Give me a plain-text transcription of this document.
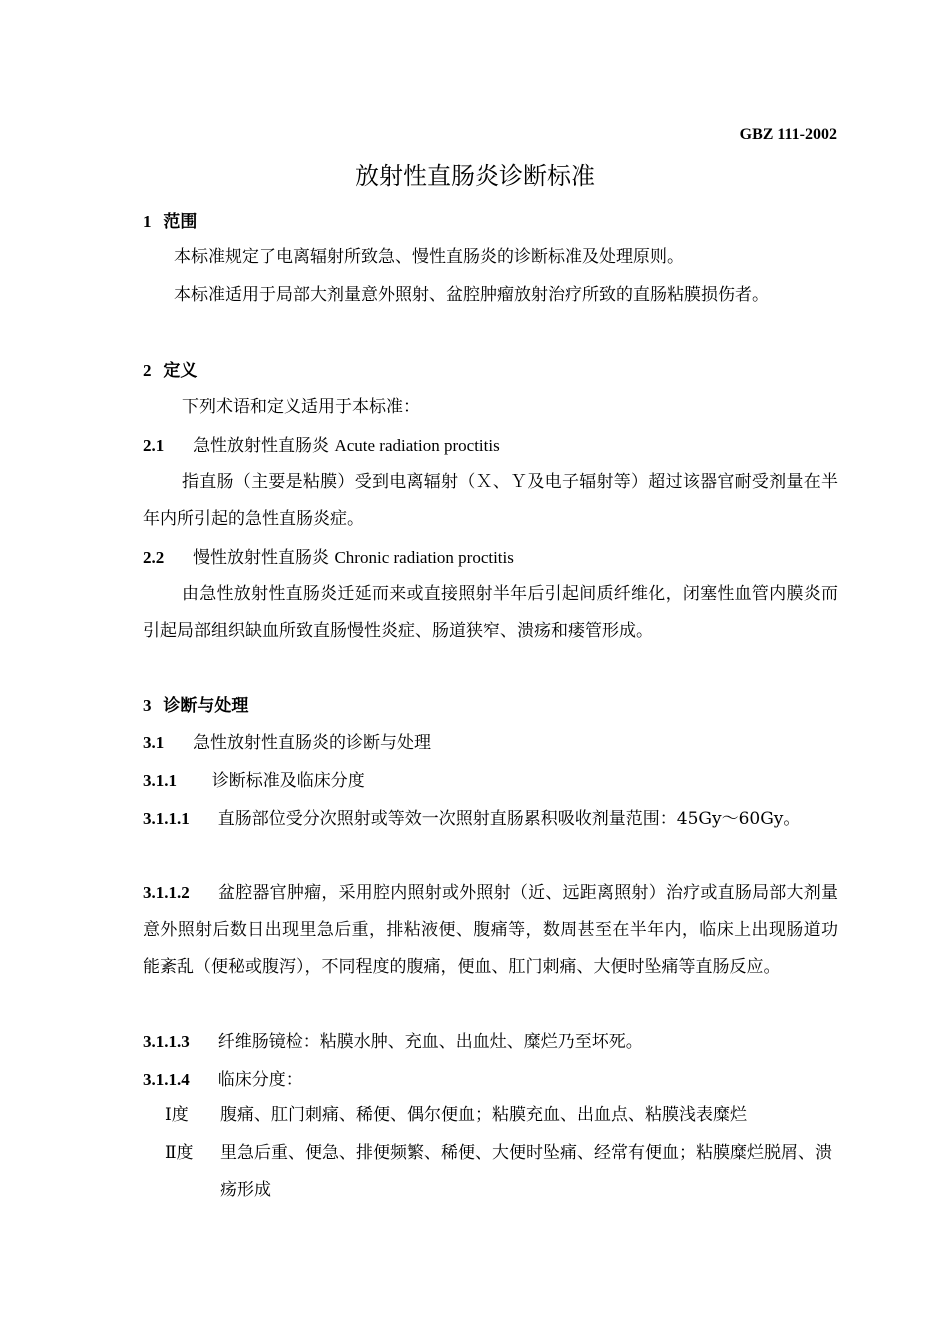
GBZ 111-2002
放射性直肠炎诊断标准
1 范围
本标准规定了电离辐射所致急、慢性直肠炎的诊断标准及处理原则。
本标准适用于局部大剂量意外照射、盆腔肿瘤放射治疗所致的直肠粘膜损伤者。
2 定义
下列术语和定义适用于本标准：
2.1 急性放射性直肠炎 Acute radiation proctitis
指直肠（主要是粘膜）受到电离辐射（Ｘ、Ｙ及电子辐射等）超过该器官耐受剂量在半年内所引起的急性直肠炎症。
2.2 慢性放射性直肠炎 Chronic radiation proctitis
由急性放射性直肠炎迁延而来或直接照射半年后引起间质纤维化，闭塞性血管内膜炎而引起局部组织缺血所致直肠慢性炎症、肠道狭窄、溃疡和瘘管形成。
3 诊断与处理
3.1 急性放射性直肠炎的诊断与处理
3.1.1 诊断标准及临床分度
3.1.1.1 直肠部位受分次照射或等效一次照射直肠累积吸收剂量范围：45Gy～60Gy。
3.1.1.2 盆腔器官肿瘤，采用腔内照射或外照射（近、远距离照射）治疗或直肠局部大剂量意外照射后数日出现里急后重，排粘液便、腹痛等，数周甚至在半年内，临床上出现肠道功能紊乱（便秘或腹泻），不同程度的腹痛，便血、肛门刺痛、大便时坠痛等直肠反应。
3.1.1.3 纤维肠镜检：粘膜水肿、充血、出血灶、糜烂乃至坏死。
3.1.1.4 临床分度：
Ⅰ度 腹痛、肛门刺痛、稀便、偶尔便血；粘膜充血、出血点、粘膜浅表糜烂
Ⅱ度 里急后重、便急、排便频繁、稀便、大便时坠痛、经常有便血；粘膜糜烂脱屑、溃疡形成
